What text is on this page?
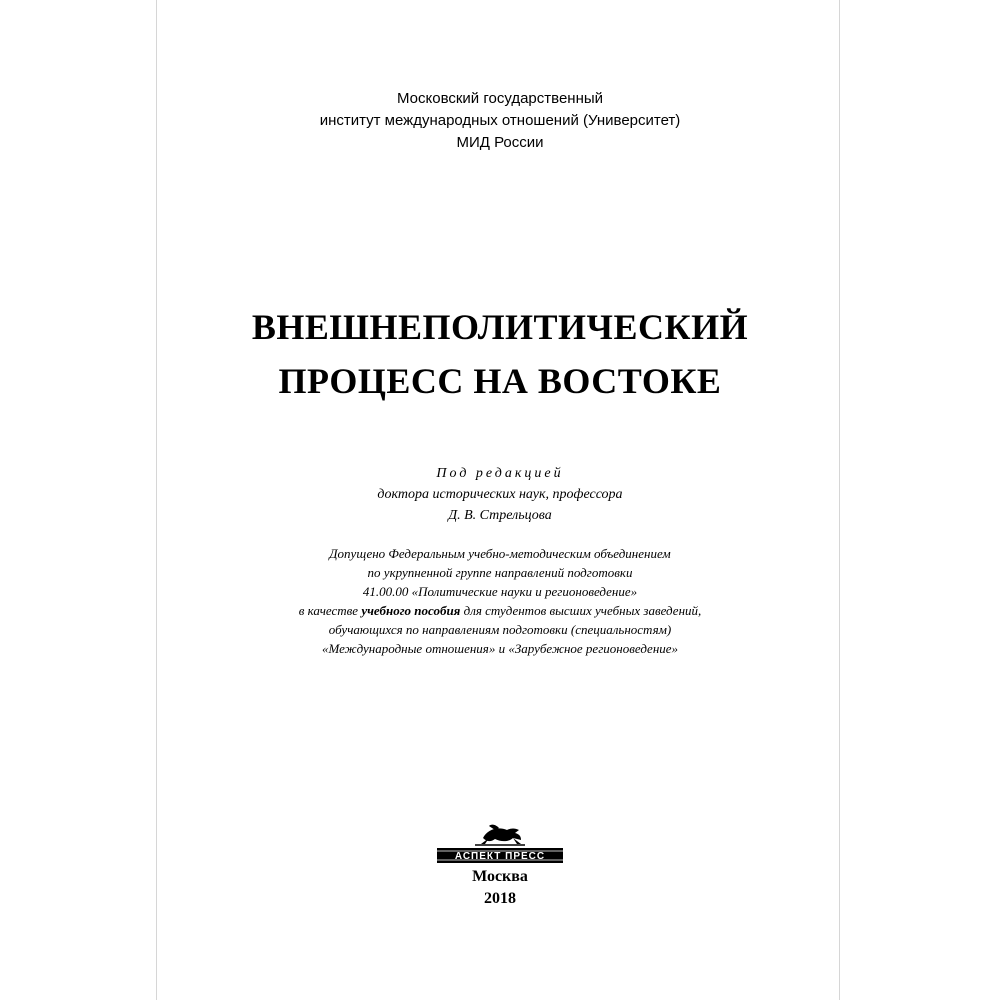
Московский государственный
институт международных отношений (Университет)
МИД России
ВНЕШНЕПОЛИТИЧЕСКИЙ
ПРОЦЕСС НА ВОСТОКЕ
Под редакцией
доктора исторических наук, профессора
Д. В. Стрельцова
Допущено Федеральным учебно-методическим объединением
по укрупненной группе направлений подготовки
41.00.00 «Политические науки и регионоведение»
в качестве учебного пособия для студентов высших учебных заведений,
обучающихся по направлениям подготовки (специальностям)
«Международные отношения» и «Зарубежное регионоведение»
АСПЕКТ ПРЕСС
Москва
2018
